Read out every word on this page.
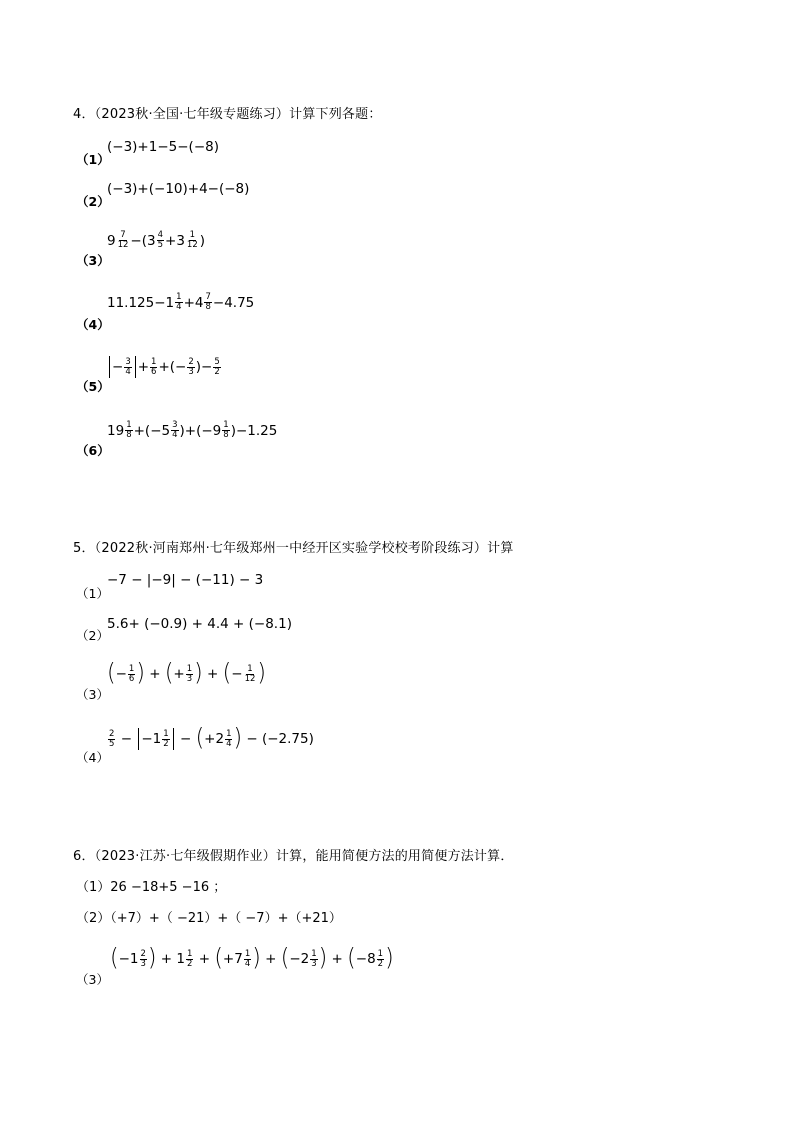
4．（2023秋·全国·七年级专题练习）计算下列各题：
（1）
(−3)+1−5−(−8)
（2）
(−3)+(−10)+4−(−8)
（3）
$9 \frac{7}{12} -(3 \frac{4}{5} +3 \frac{1}{12}$ )
（4）
$11.125-1 \frac{1}{4} +4 \frac{7}{8} -4.75$
（5）
− $\frac{3}{4} + \frac{1}{6}$ +(− $\frac{2}{3}$ )− $\frac{5}{2}$
（6）
$19 \frac{1}{8} +(-5 \frac{3}{4} )+(-9 \frac{1}{8} )-1.25$
5．（2022秋·河南郑州·七年级郑州一中经开区实验学校校考阶段练习）计算
（1）
−7 − |−9| − (−11) − 3
（2）
5.6+ (−0.9) + 4.4 + (−8.1)
（3）
( − $\frac{1}{6}$ ) + ( + $\frac{1}{3}$ ) + ( − $\frac{1}{12}$ )
（4）
$\frac{2}{5} - -1 \frac{1}{2}$ − ( $+2 \frac{1}{4}$ ) − (−2.75)
6．（2023·江苏·七年级假期作业）计算，能用简便方法的用简便方法计算．
（1）26 −18+5 −16 ；
（2）（+7）+（ −21）+（ −7）+（+21）
（3）
( $-1 \frac{2}{3}$ ) + $1 \frac{1}{2}$ + ( $+7 \frac{1}{4}$ ) + ( $-2 \frac{1}{3}$ ) + ( $-8 \frac{1}{2}$ )
